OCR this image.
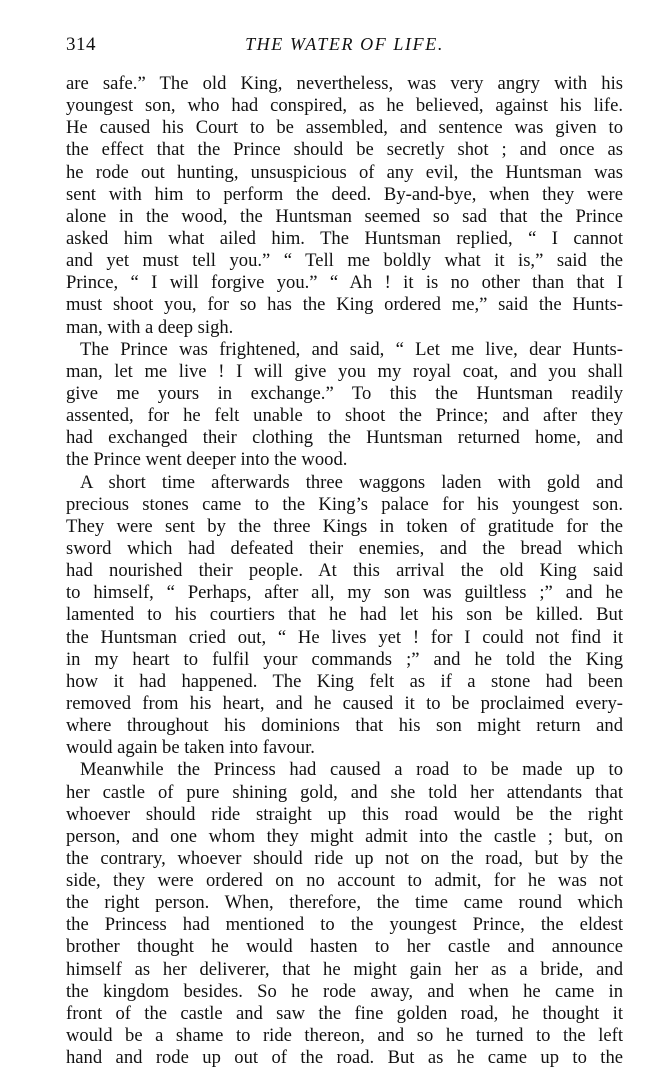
314	THE WATER OF LIFE.
are safe.” The old King, nevertheless, was very angry with his
youngest son, who had conspired, as he believed, against his life.
He caused his Court to be assembled, and sentence was given to
the effect that the Prince should be secretly shot ; and once as
he rode out hunting, unsuspicious of any evil, the Huntsman was
sent with him to perform the deed. By-and-bye, when they were
alone in the wood, the Huntsman seemed so sad that the Prince
asked him what ailed him. The Huntsman replied, “ I cannot
and yet must tell you.” “ Tell me boldly what it is,” said the
Prince, “ I will forgive you.” “ Ah ! it is no other than that I
must shoot you, for so has the King ordered me,” said the Hunts-
man, with a deep sigh.
The Prince was frightened, and said, “ Let me live, dear Hunts-
man, let me live ! I will give you my royal coat, and you shall
give me yours in exchange.” To this the Huntsman readily
assented, for he felt unable to shoot the Prince; and after they
had exchanged their clothing the Huntsman returned home, and
the Prince went deeper into the wood.
A short time afterwards three waggons laden with gold and
precious stones came to the King’s palace for his youngest son.
They were sent by the three Kings in token of gratitude for the
sword which had defeated their enemies, and the bread which
had nourished their people. At this arrival the old King said
to himself, “ Perhaps, after all, my son was guiltless ;” and he
lamented to his courtiers that he had let his son be killed. But
the Huntsman cried out, “ He lives yet ! for I could not find it
in my heart to fulfil your commands ;” and he told the King
how it had happened. The King felt as if a stone had been
removed from his heart, and he caused it to be proclaimed every-
where throughout his dominions that his son might return and
would again be taken into favour.
Meanwhile the Princess had caused a road to be made up to
her castle of pure shining gold, and she told her attendants that
whoever should ride straight up this road would be the right
person, and one whom they might admit into the castle ; but, on
the contrary, whoever should ride up not on the road, but by the
side, they were ordered on no account to admit, for he was not
the right person. When, therefore, the time came round which
the Princess had mentioned to the youngest Prince, the eldest
brother thought he would hasten to her castle and announce
himself as her deliverer, that he might gain her as a bride, and
the kingdom besides. So he rode away, and when he came in
front of the castle and saw the fine golden road, he thought it
would be a shame to ride thereon, and so he turned to the left
hand and rode up out of the road. But as he came up to the
